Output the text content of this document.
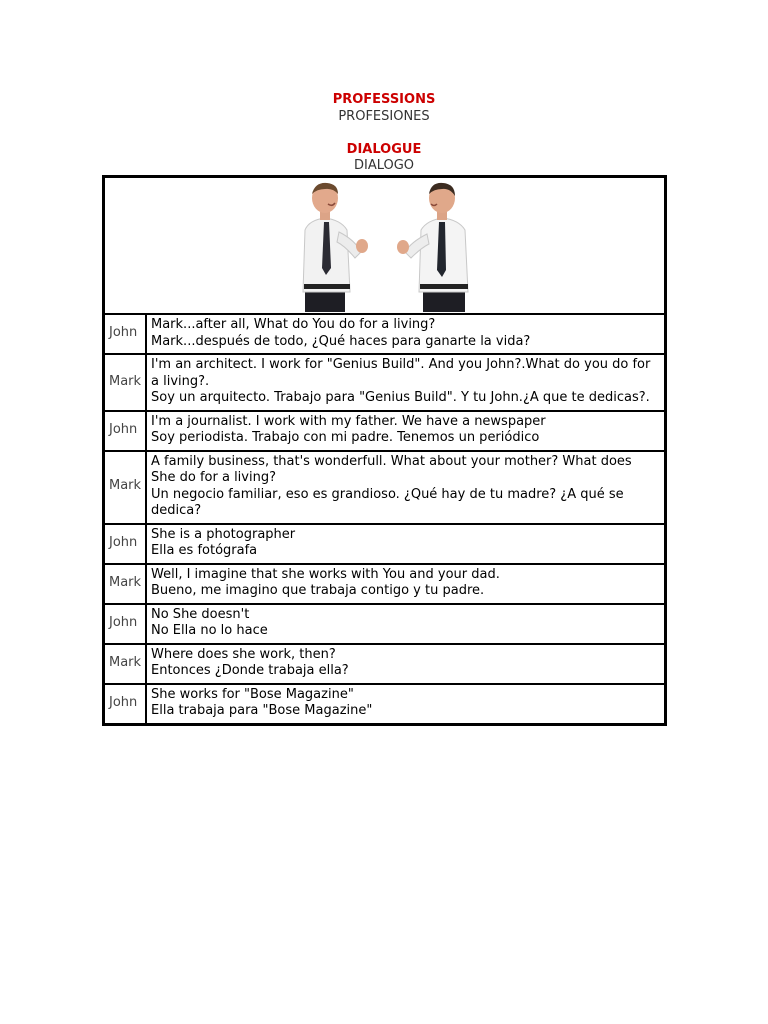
PROFESSIONS
PROFESIONES
DIALOGUE
DIALOGO

John	Mark...after all, What do You do for a living?
Mark...después de todo, ¿Qué haces para ganarte la vida?

Mark	I'm an architect. I work for "Genius Build". And you John?.What do you do for a living?.
Soy un arquitecto. Trabajo para "Genius Build". Y tu John.¿A que te dedicas?.

John	I'm a journalist. I work with my father. We have a newspaper
Soy periodista. Trabajo con mi padre. Tenemos un periódico

Mark	A family business, that's wonderfull. What about your mother? What does She do for a living?
Un negocio familiar, eso es grandioso. ¿Qué hay de tu madre? ¿A qué se dedica?

John	She is a photographer
Ella es fotógrafa

Mark	Well, I imagine that she works with You and your dad.
Bueno, me imagino que trabaja contigo y tu padre.

John	No She doesn't
No Ella no lo hace

Mark	Where does she work, then?
Entonces ¿Donde trabaja ella?

John	She works for "Bose Magazine"
Ella trabaja para "Bose Magazine"
